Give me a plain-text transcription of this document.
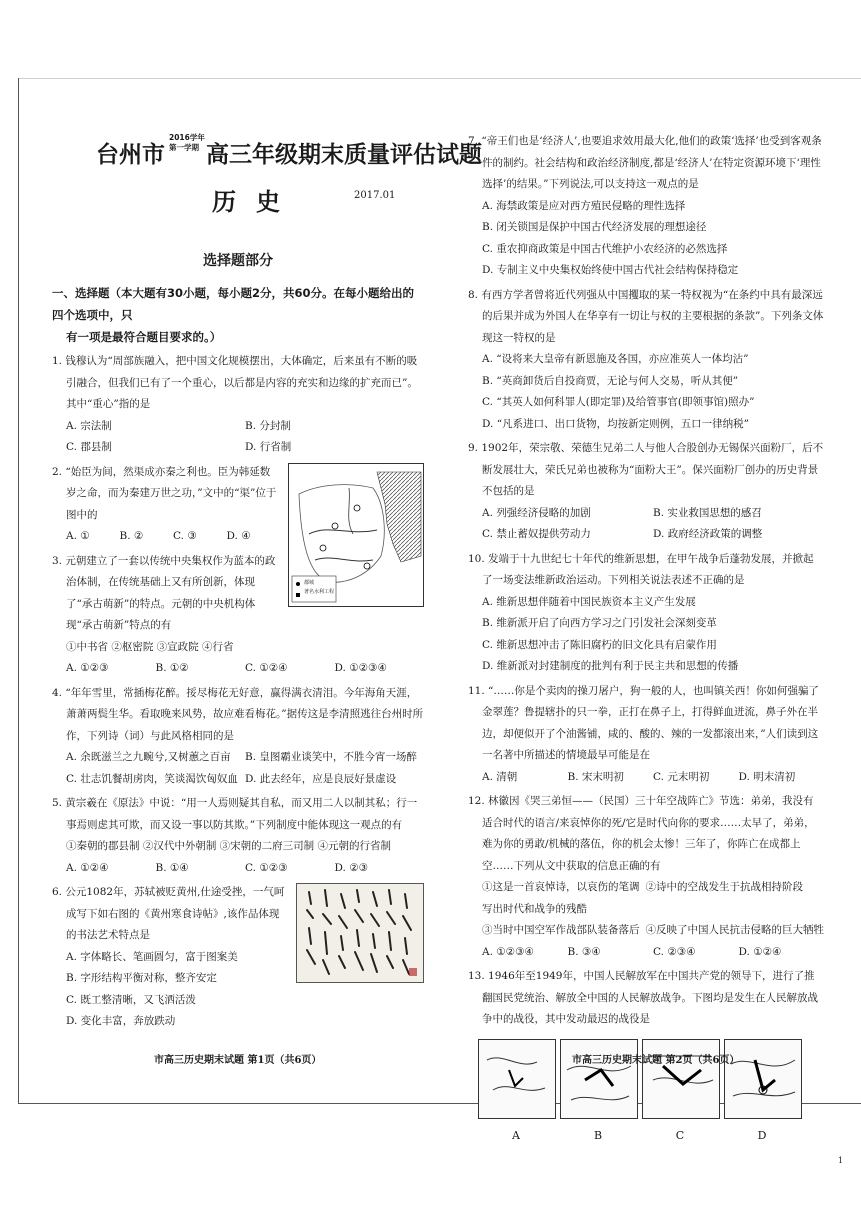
台州市
2016学年
第一学期 高三年级期末质量评估试题
历史	2017.01
选择题部分
一、选择题（本大题有30小题，每小题2分，共60分。在每小题给出的四个选项中，只
有一项是最符合题目要求的。）
1. 钱穆认为“周部族融入，把中国文化规模摆出，大体确定，后来虽有不断的吸引融合，但我们已有了一个重心，以后都是内容的充实和边缘的扩充而已”。其中“重心”指的是
A. 宗法制	B. 分封制
C. 郡县制	D. 行省制
2. “始臣为间，然渠成亦秦之利也。臣为韩延数岁之命，而为秦建万世之功，”文中的“渠”位于图中的
A. ①	B. ②	C. ③	D. ④
3. 元朝建立了一套以传统中央集权作为蓝本的政治体制，在传统基础上又有所创新，体现了“承古萌新”的特点。元朝的中央机构体现“承古萌新”特点的有
①中书省 ②枢密院 ③宣政院 ④行省
都城
著名水利工程
A. ①②③	B. ①②	C. ①②④	D. ①②③④
4. “年年雪里，常插梅花醉。挼尽梅花无好意，赢得满衣清泪。今年海角天涯，萧萧两鬓生华。看取晚来风势，故应难看梅花。”据传这是李清照逃往台州时所作，下列诗（词）与此风格相同的是
A. 余既滋兰之九畹兮,又树蕙之百亩	B. 皇图霸业谈笑中，不胜今宵一场醉
C. 壮志饥餐胡虏肉，笑谈渴饮匈奴血 D. 此去经年，应是良辰好景虚设
5. 黄宗羲在《原法》中说：“用一人焉则疑其自私，而又用二人以制其私；行一事焉则虑其可欺，而又设一事以防其欺。”下列制度中能体现这一观点的有
①秦朝的郡县制 ②汉代中外朝制 ③宋朝的二府三司制 ④元朝的行省制
A. ①②④	B. ①④	C. ①②③	D. ②③
6. 公元1082年，苏轼被贬黄州,仕途受挫，一气呵成写下如右图的《黄州寒食诗帖》,该作品体现的书法艺术特点是
A. 字体略长、笔画圆匀，富于图案美
B. 字形结构平衡对称，整齐安定
C. 既工整清晰，又飞洒活泼
D. 变化丰富，奔放跌动
7. “帝王们也是‘经济人’,也要追求效用最大化,他们的政策‘选择’也受到客观条件的制约。社会结构和政治经济制度,都是‘经济人’在特定资源环境下‘理性选择’的结果。”下列说法,可以支持这一观点的是
A. 海禁政策是应对西方殖民侵略的理性选择
B. 闭关锁国是保护中国古代经济发展的理想途径
C. 重农抑商政策是中国古代维护小农经济的必然选择
D. 专制主义中央集权始终使中国古代社会结构保持稳定
8. 有西方学者曾将近代列强从中国攫取的某一特权视为“在条约中具有最深远的后果并成为外国人在华享有一切让与权的主要根据的条款”。下列条文体现这一特权的是
A. “设将来大皇帝有新恩施及各国，亦应准英人一体均沾”
B. “英商卸货后自投商贾，无论与何人交易，听从其便”
C. “其英人如何科罪人(即定罪)及给管事官(即领事馆)照办”
D. “凡系进口、出口货物，均按新定则例，五口一律纳税”
9. 1902年，荣宗敬、荣德生兄弟二人与他人合股创办无锡保兴面粉厂，后不断发展壮大，荣氏兄弟也被称为“面粉大王”。保兴面粉厂创办的历史背景不包括的是
A. 列强经济侵略的加剧	B. 实业救国思想的感召
C. 禁止蓄奴提供劳动力	D. 政府经济政策的调整
10. 发端于十九世纪七十年代的维新思想，在甲午战争后蓬勃发展，并掀起了一场变法维新政治运动。下列相关说法表述不正确的是
A. 维新思想伴随着中国民族资本主义产生发展
B. 维新派开启了向西方学习之门引发社会深刻变革
C. 维新思想冲击了陈旧腐朽的旧文化具有启蒙作用
D. 维新派对封建制度的批判有利于民主共和思想的传播
11. “……你是个卖肉的操刀屠户，狗一般的人，也叫镇关西！你如何强骗了金翠莲？鲁提辖扑的只一拳，正打在鼻子上，打得鲜血迸流，鼻子外在半边，却便似开了个油酱铺，咸的、酸的、辣的一发都滚出来，”人们读到这一名著中所描述的情境最早可能是在
A. 清朝	B. 宋末明初	C. 元末明初	D. 明末清初
12. 林徽因《哭三弟恒——（民国）三十年空战阵亡》节选：弟弟，我没有适合时代的语言/来哀悼你的死/它是时代向你的要求……太早了，弟弟，难为你的勇敢/机械的落伍，你的机会太惨！三年了，你阵亡在成都上空……下列从文中获取的信息正确的有
①这是一首哀悼诗，以哀伤的笔调写出时代和战争的残酷
②诗中的空战发生于抗战相持阶段
③当时中国空军作战部队装备落后 ④反映了中国人民抗击侵略的巨大牺牲
A. ①②③④	B. ③④	C. ②③④	D. ①②④
13. 1946年至1949年，中国人民解放军在中国共产党的领导下，进行了推翻国民党统治、解放全中国的人民解放战争。下图均是发生在人民解放战争中的战役，其中发动最迟的战役是
A	B	C	D
市高三历史期末试题 第1页（共6页）	市高三历史期末试题 第2页（共6页）
1
